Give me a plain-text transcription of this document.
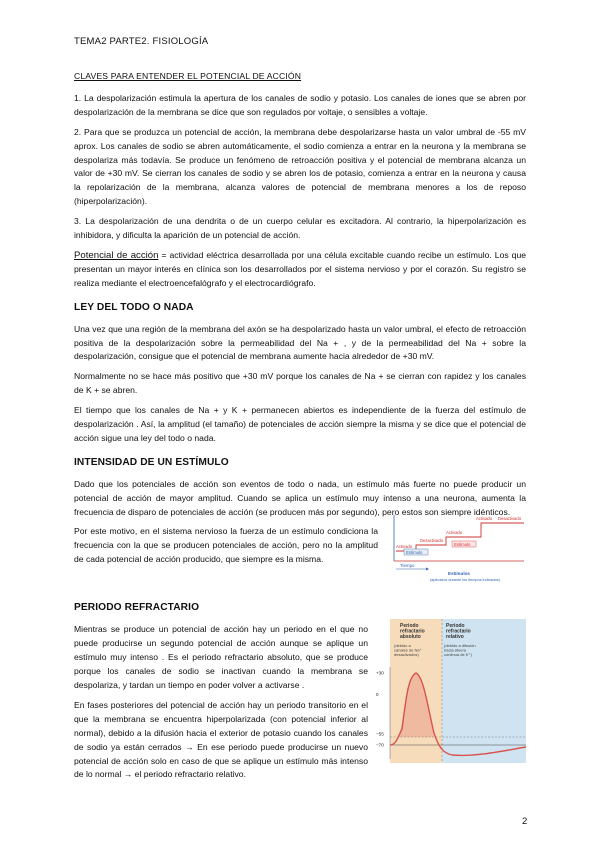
TEMA2 PARTE2. FISIOLOGÍA

CLAVES PARA ENTENDER EL POTENCIAL DE ACCIÓN

1. La despolarización estimula la apertura de los canales de sodio y potasio. Los canales de iones que se abren por despolarización de la membrana se dice que son regulados por voltaje, o sensibles a voltaje.

2. Para que se produzca un potencial de acción, la membrana debe despolarizarse hasta un valor umbral de -55 mV aprox. Los canales de sodio se abren automáticamente, el sodio comienza a entrar en la neurona y la membrana se despolariza más todavía. Se produce un fenómeno de retroacción positiva y el potencial de membrana alcanza un valor de +30 mV. Se cierran los canales de sodio y se abren los de potasio, comienza a entrar en la neurona y causa la repolarización de la membrana, alcanza valores de potencial de membrana menores a los de reposo (hiperpolarización).

3. La despolarización de una dendrita o de un cuerpo celular es excitadora. Al contrario, la hiperpolarización es inhibidora, y dificulta la aparición de un potencial de acción.

Potencial de acción = actividad eléctrica desarrollada por una célula excitable cuando recibe un estímulo. Los que presentan un mayor interés en clínica son los desarrollados por el sistema nervioso y por el corazón. Su registro se realiza mediante el electroencefalógrafo y el electrocardiógrafo.

LEY DEL TODO O NADA

Una vez que una región de la membrana del axón se ha despolarizado hasta un valor umbral, el efecto de retroacción positiva de la despolarización sobre la permeabilidad del Na + , y de la permeabilidad del Na + sobre la despolarización, consigue que el potencial de membrana aumente hacia alrededor de +30 mV.

Normalmente no se hace más positivo que +30 mV porque los canales de Na + se cierran con rapidez y los canales de K + se abren.

El tiempo que los canales de Na + y K + permanecen abiertos es independiente de la fuerza del estímulo de despolarización . Así, la amplitud (el tamaño) de potenciales de acción siempre la misma y se dice que el potencial de acción sigue una ley del todo o nada.

INTENSIDAD DE UN ESTÍMULO

Dado que los potenciales de acción son eventos de todo o nada, un estímulo más fuerte no puede producir un potencial de acción de mayor amplitud. Cuando se aplica un estímulo muy intenso a una neurona, aumenta la frecuencia de disparo de potenciales de acción (se producen más por segundo), pero estos son siempre idénticos.

Por este motivo, en el sistema nervioso la fuerza de un estímulo condiciona la frecuencia con la que se producen potenciales de acción, pero no la amplitud de cada potencial de acción producido, que siempre es la misma.

Estímulo
Estímulo
Activado
Desactivado
Activado
Activado Desactivado
Tiempo
Estímulos
(aplicados durante los tiempos indicados)
PERIODO REFRACTARIO

Mientras se produce un potencial de acción hay un periodo en el que no puede producirse un segundo potencial de acción aunque se aplique un estímulo muy intenso . Es el periodo refractario absoluto, que se produce porque los canales de sodio se inactivan cuando la membrana se despolariza, y tardan un tiempo en poder volver a activarse .

En fases posteriores del potencial de acción hay un periodo transitorio en el que la membrana se encuentra hiperpolarizada (con potencial inferior al normal), debido a la difusión hacia el exterior de potasio cuando los canales de sodio ya están cerrados → En ese periodo puede producirse un nuevo potencial de acción solo en caso de que se aplique un estímulo más intenso de lo normal → el periodo refractario relativo.

Periodo refractario absoluto
(debido a canales de Na⁺ desactivados)
Periodo refractario relativo
(debido a difusión hacia afuera continua de K⁺)
+30
0
−55
−70
2
